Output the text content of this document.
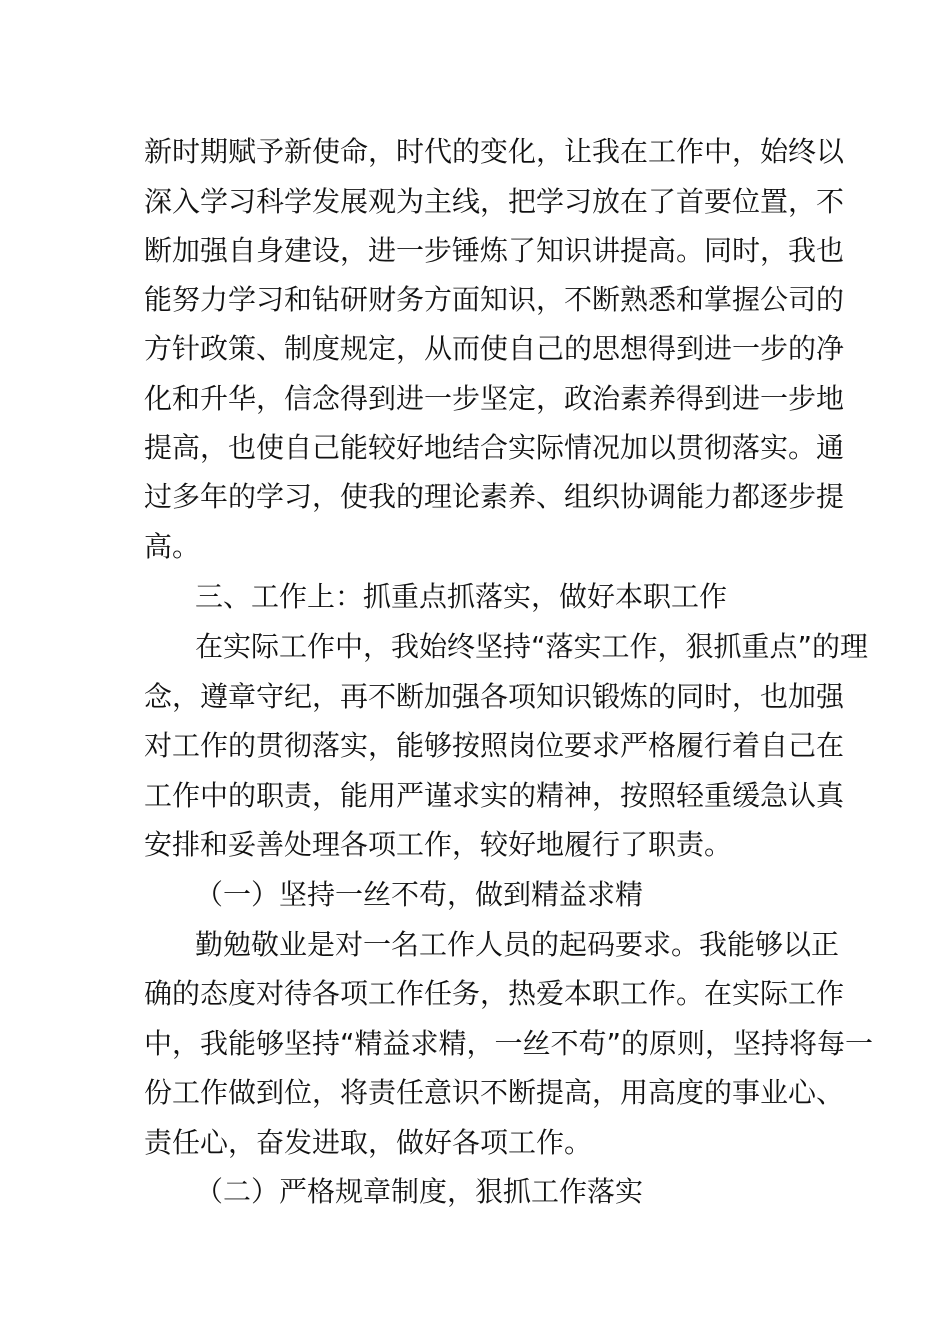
新时期赋予新使命，时代的变化，让我在工作中，始终以
深入学习科学发展观为主线，把学习放在了首要位置，不
断加强自身建设，进一步锤炼了知识讲提高。同时，我也
能努力学习和钻研财务方面知识，不断熟悉和掌握公司的
方针政策、制度规定，从而使自己的思想得到进一步的净
化和升华，信念得到进一步坚定，政治素养得到进一步地
提高，也使自己能较好地结合实际情况加以贯彻落实。通
过多年的学习，使我的理论素养、组织协调能力都逐步提
高。
三、工作上：抓重点抓落实，做好本职工作
在实际工作中，我始终坚持“落实工作，狠抓重点”的理
念，遵章守纪，再不断加强各项知识锻炼的同时，也加强
对工作的贯彻落实，能够按照岗位要求严格履行着自己在
工作中的职责，能用严谨求实的精神，按照轻重缓急认真
安排和妥善处理各项工作，较好地履行了职责。
（一）坚持一丝不苟，做到精益求精
勤勉敬业是对一名工作人员的起码要求。我能够以正
确的态度对待各项工作任务，热爱本职工作。在实际工作
中，我能够坚持“精益求精，一丝不苟”的原则，坚持将每一
份工作做到位，将责任意识不断提高，用高度的事业心、
责任心，奋发进取，做好各项工作。
（二）严格规章制度，狠抓工作落实
